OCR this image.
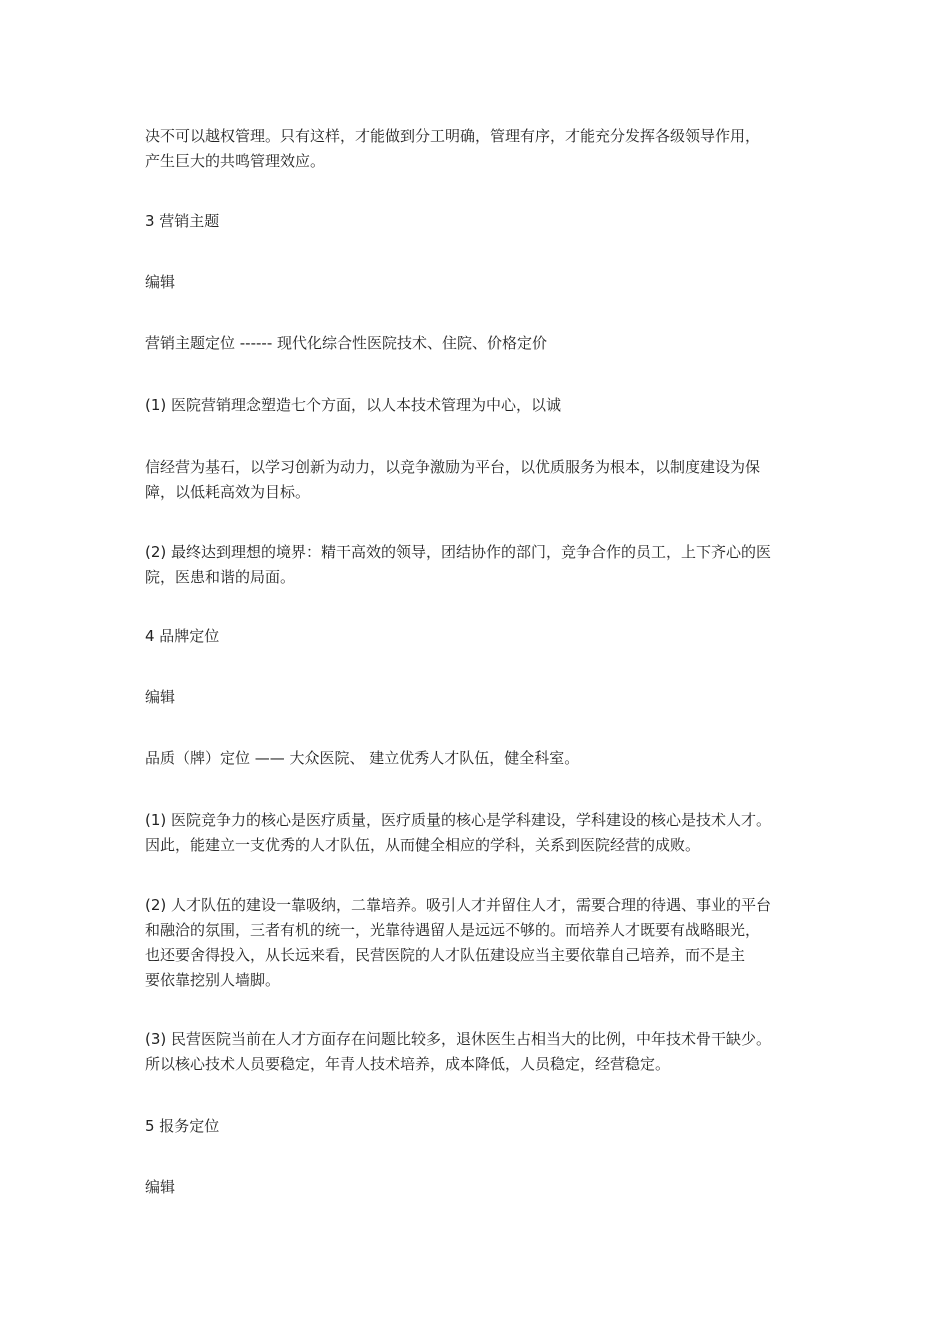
决不可以越权管理。只有这样，才能做到分工明确，管理有序，才能充分发挥各级领导作用，
产生巨大的共鸣管理效应。
3 营销主题
编辑
营销主题定位 ------ 现代化综合性医院技术、住院、价格定价
(1) 医院营销理念塑造七个方面，以人本技术管理为中心，以诚
信经营为基石，以学习创新为动力，以竞争激励为平台，以优质服务为根本，以制度建设为保
障，以低耗高效为目标。
(2) 最终达到理想的境界：精干高效的领导，团结协作的部门，竞争合作的员工，上下齐心的医
院，医患和谐的局面。
4 品牌定位
编辑
品质（牌）定位 —— 大众医院、 建立优秀人才队伍，健全科室。
(1) 医院竞争力的核心是医疗质量，医疗质量的核心是学科建设，学科建设的核心是技术人才。
因此，能建立一支优秀的人才队伍，从而健全相应的学科，关系到医院经营的成败。
(2) 人才队伍的建设一靠吸纳，二靠培养。吸引人才并留住人才，需要合理的待遇、事业的平台
和融洽的氛围，三者有机的统一，光靠待遇留人是远远不够的。而培养人才既要有战略眼光，
也还要舍得投入，从长远来看，民营医院的人才队伍建设应当主要依靠自己培养，而不是主
要依靠挖别人墙脚。
(3) 民营医院当前在人才方面存在问题比较多，退休医生占相当大的比例，中年技术骨干缺少。
所以核心技术人员要稳定，年青人技术培养，成本降低，人员稳定，经营稳定。
5 报务定位
编辑
